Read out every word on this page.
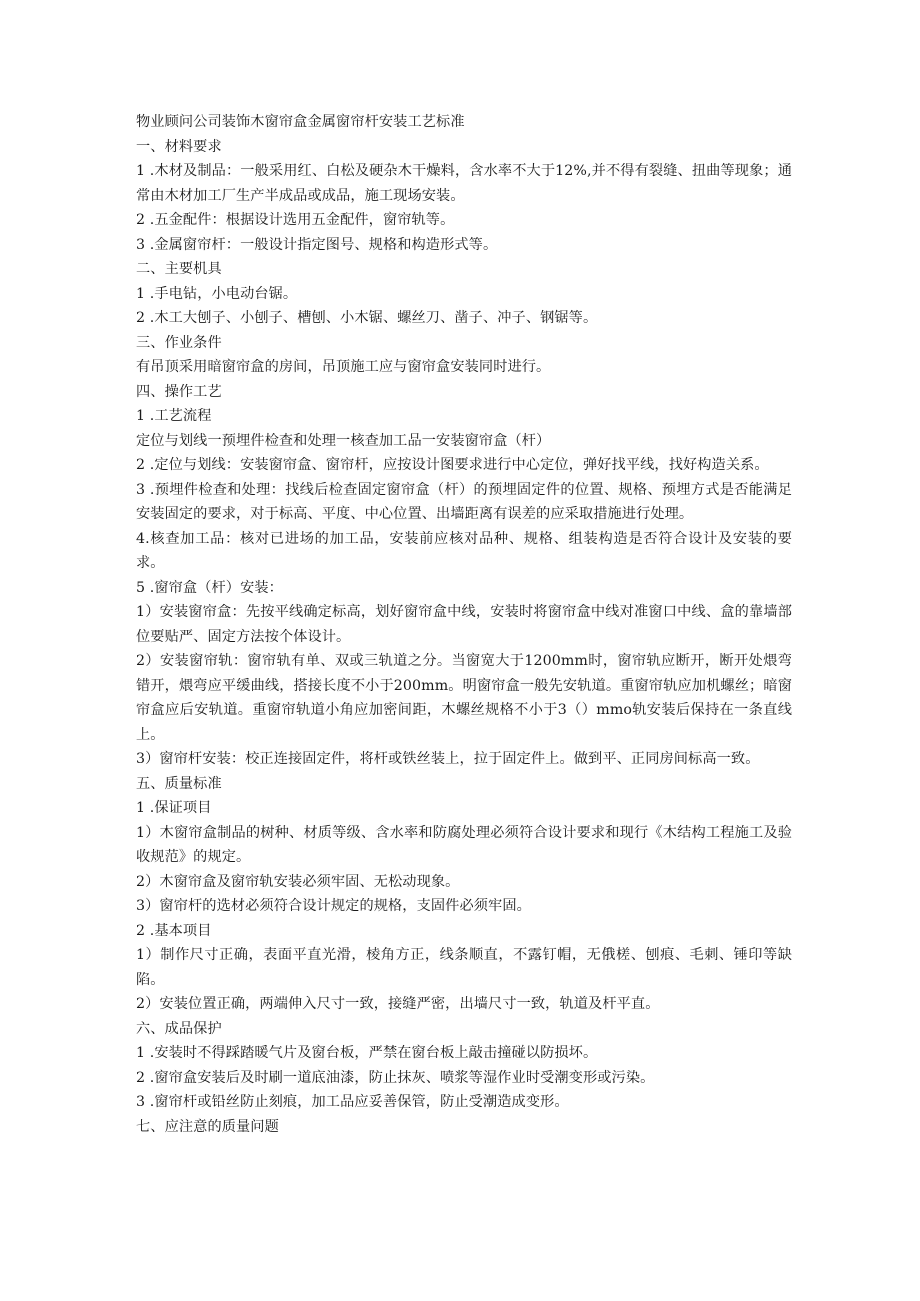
物业顾问公司装饰木窗帘盒金属窗帘杆安装工艺标准

一、材料要求

1 .木材及制品：一般采用红、白松及硬杂木干燥料，含水率不大于12%,并不得有裂缝、扭曲等现象；通常由木材加工厂生产半成品或成品，施工现场安装。

2 .五金配件：根据设计选用五金配件，窗帘轨等。

3 .金属窗帘杆：一般设计指定图号、规格和构造形式等。

二、主要机具

1 .手电钻，小电动台锯。

2 .木工大刨子、小刨子、槽刨、小木锯、螺丝刀、凿子、冲子、钢锯等。

三、作业条件

有吊顶采用暗窗帘盒的房间，吊顶施工应与窗帘盒安装同时进行。

四、操作工艺

1 .工艺流程

定位与划线一预埋件检查和处理一核查加工品一安装窗帘盒（杆）

2 .定位与划线：安装窗帘盒、窗帘杆，应按设计图要求进行中心定位，弹好找平线，找好构造关系。

3 .预埋件检查和处理：找线后检查固定窗帘盒（杆）的预埋固定件的位置、规格、预埋方式是否能满足安装固定的要求，对于标高、平度、中心位置、出墙距离有误差的应采取措施进行处理。

4.核查加工品：核对已进场的加工品，安装前应核对品种、规格、组装构造是否符合设计及安装的要求。

5 .窗帘盒（杆）安装：

1）安装窗帘盒：先按平线确定标高，划好窗帘盒中线，安装时将窗帘盒中线对准窗口中线、盒的靠墙部位要贴严、固定方法按个体设计。

2）安装窗帘轨：窗帘轨有单、双或三轨道之分。当窗宽大于1200mm时，窗帘轨应断开，断开处煨弯错开，煨弯应平缓曲线，搭接长度不小于200mm。明窗帘盒一般先安轨道。重窗帘轨应加机螺丝；暗窗帘盒应后安轨道。重窗帘轨道小角应加密间距，木螺丝规格不小于3（）mmo轨安装后保持在一条直线上。

3）窗帘杆安装：校正连接固定件，将杆或铁丝装上，拉于固定件上。做到平、正同房间标高一致。

五、质量标准

1 .保证项目

1）木窗帘盒制品的树种、材质等级、含水率和防腐处理必须符合设计要求和现行《木结构工程施工及验收规范》的规定。

2）木窗帘盒及窗帘轨安装必须牢固、无松动现象。

3）窗帘杆的选材必须符合设计规定的规格，支固件必须牢固。

2 .基本项目

1）制作尺寸正确，表面平直光滑，棱角方正，线条顺直，不露钉帽，无俄槎、刨痕、毛刺、锤印等缺陷。

2）安装位置正确，两端伸入尺寸一致，接缝严密，出墙尺寸一致，轨道及杆平直。

六、成品保护

1 .安装时不得踩踏暖气片及窗台板，严禁在窗台板上敲击撞碰以防损坏。

2 .窗帘盒安装后及时刷一道底油漆，防止抹灰、喷浆等湿作业时受潮变形或污染。

3 .窗帘杆或铅丝防止刻痕，加工品应妥善保管，防止受潮造成变形。

七、应注意的质量问题
